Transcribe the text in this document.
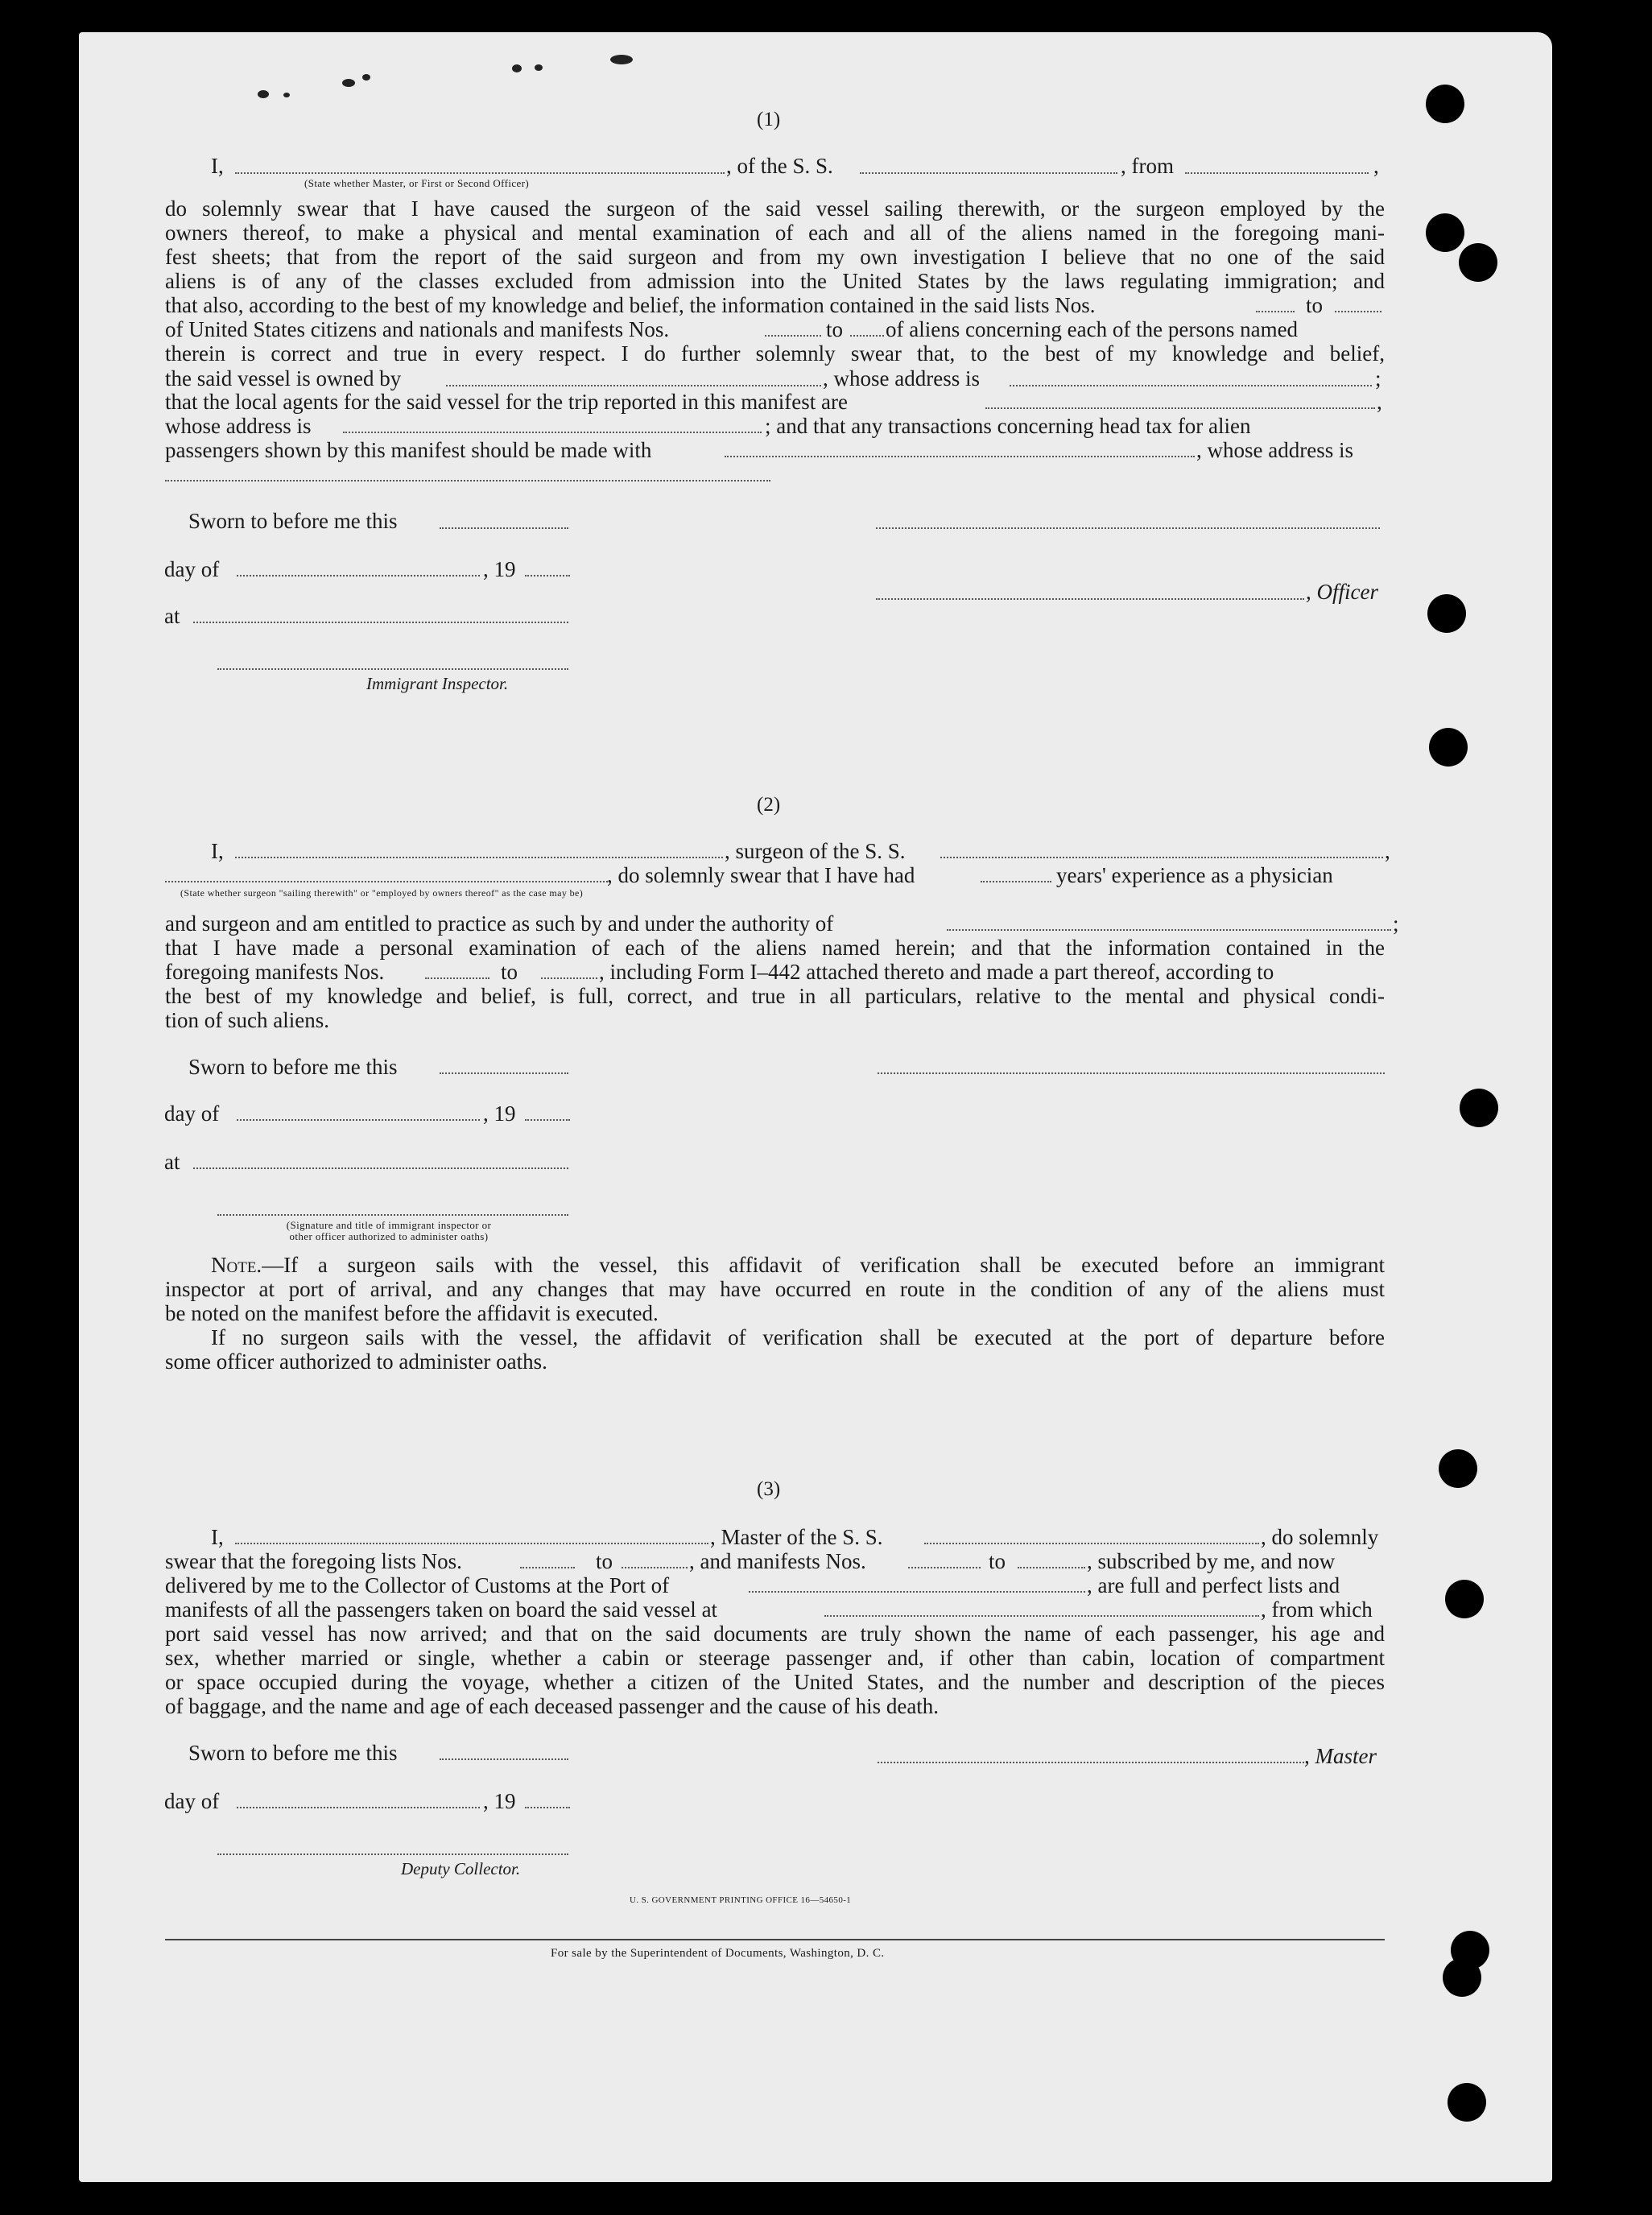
(1)
I,	, of the S. S.	, from	,
(State whether Master, or First or Second Officer)
do solemnly swear that I have caused the surgeon of the said vessel sailing therewith, or the surgeon employed by the
owners thereof, to make a physical and mental examination of each and all of the aliens named in the foregoing mani-
fest sheets; that from the report of the said surgeon and from my own investigation I believe that no one of the said
aliens is of any of the classes excluded from admission into the United States by the laws regulating immigration; and
that also, according to the best of my knowledge and belief, the information contained in the said lists Nos.	to
of United States citizens and nationals and manifests Nos.	to of aliens concerning each of the persons named
therein is correct and true in every respect. I do further solemnly swear that, to the best of my knowledge and belief,
the said vessel is owned by	, whose address is	;
that the local agents for the said vessel for the trip reported in this manifest are	,
whose address is	; and that any transactions concerning head tax for alien
passengers shown by this manifest should be made with	, whose address is
Sworn to before me this
day of	, 19
, Officer
at
Immigrant Inspector.
(2)
I,	, surgeon of the S. S.	,
, do solemnly swear that I have had	years' experience as a physician
(State whether surgeon "sailing therewith" or "employed by owners thereof" as the case may be)
and surgeon and am entitled to practice as such by and under the authority of	;
that I have made a personal examination of each of the aliens named herein; and that the information contained in the
foregoing manifests Nos.	to	, including Form I–442 attached thereto and made a part thereof, according to
the best of my knowledge and belief, is full, correct, and true in all particulars, relative to the mental and physical condi-
tion of such aliens.
Sworn to before me this
day of	, 19
at
(Signature and title of immigrant inspector or
other officer authorized to administer oaths)
Note.—If a surgeon sails with the vessel, this affidavit of verification shall be executed before an immigrant
inspector at port of arrival, and any changes that may have occurred en route in the condition of any of the aliens must
be noted on the manifest before the affidavit is executed.
If no surgeon sails with the vessel, the affidavit of verification shall be executed at the port of departure before
some officer authorized to administer oaths.
(3)
I,	, Master of the S. S.	, do solemnly
swear that the foregoing lists Nos.	to	, and manifests Nos.	to	, subscribed by me, and now
delivered by me to the Collector of Customs at the Port of	, are full and perfect lists and
manifests of all the passengers taken on board the said vessel at	, from which
port said vessel has now arrived; and that on the said documents are truly shown the name of each passenger, his age and
sex, whether married or single, whether a cabin or steerage passenger and, if other than cabin, location of compartment
or space occupied during the voyage, whether a citizen of the United States, and the number and description of the pieces
of baggage, and the name and age of each deceased passenger and the cause of his death.
Sworn to before me this	, Master
day of	, 19
Deputy Collector.
U. S. GOVERNMENT PRINTING OFFICE 16—54650-1
For sale by the Superintendent of Documents, Washington, D. C.
